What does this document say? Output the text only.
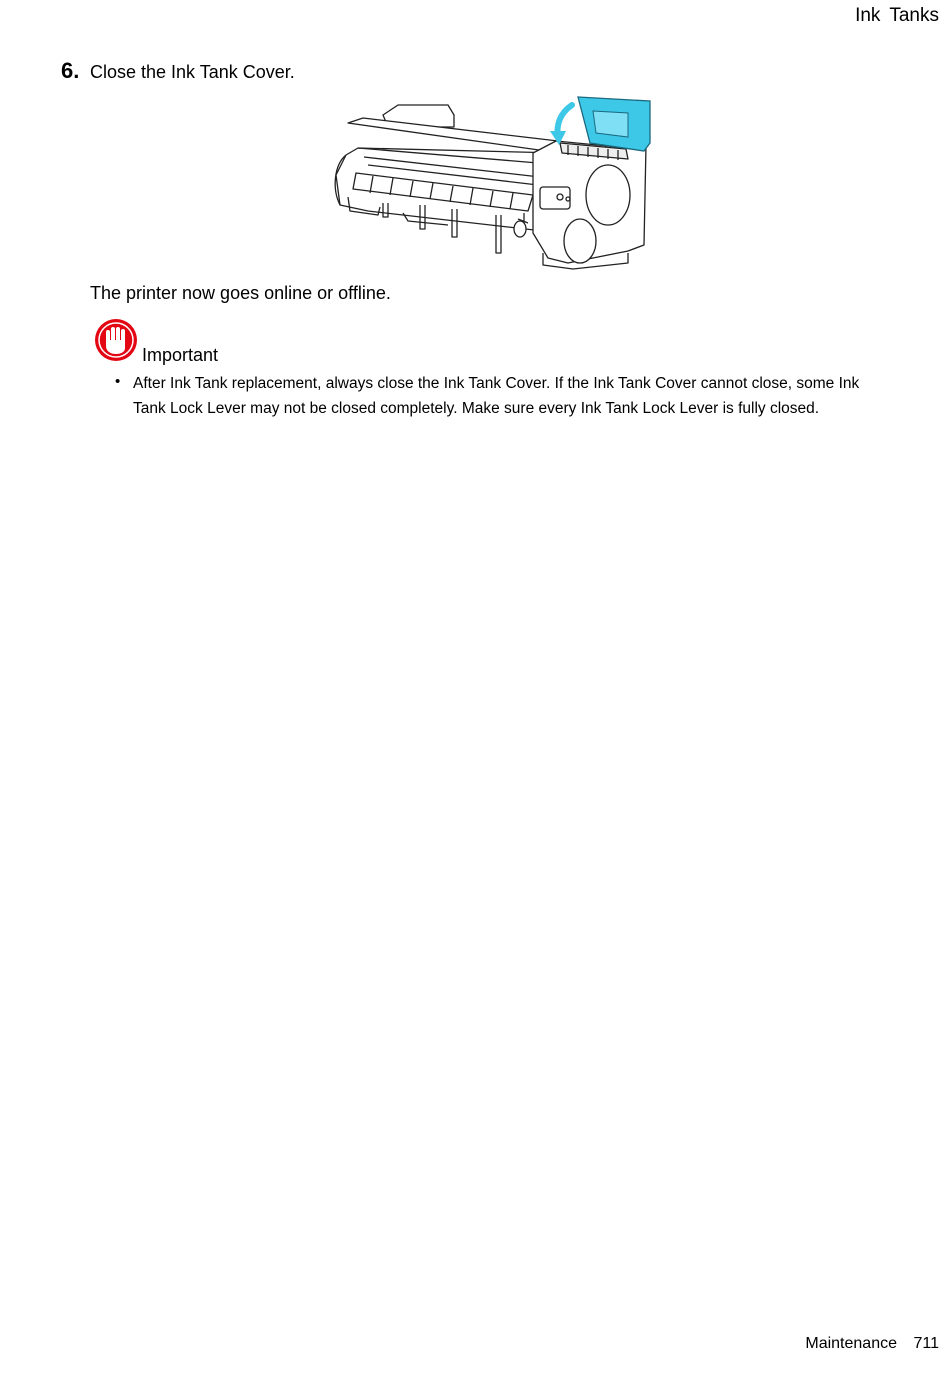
Ink Tanks
6. Close the Ink Tank Cover.
The printer now goes online or offline.
Important
• After Ink Tank replacement, always close the Ink Tank Cover. If the Ink Tank Cover cannot close, some Ink Tank Lock Lever may not be closed completely. Make sure every Ink Tank Lock Lever is fully closed.
Maintenance 711
